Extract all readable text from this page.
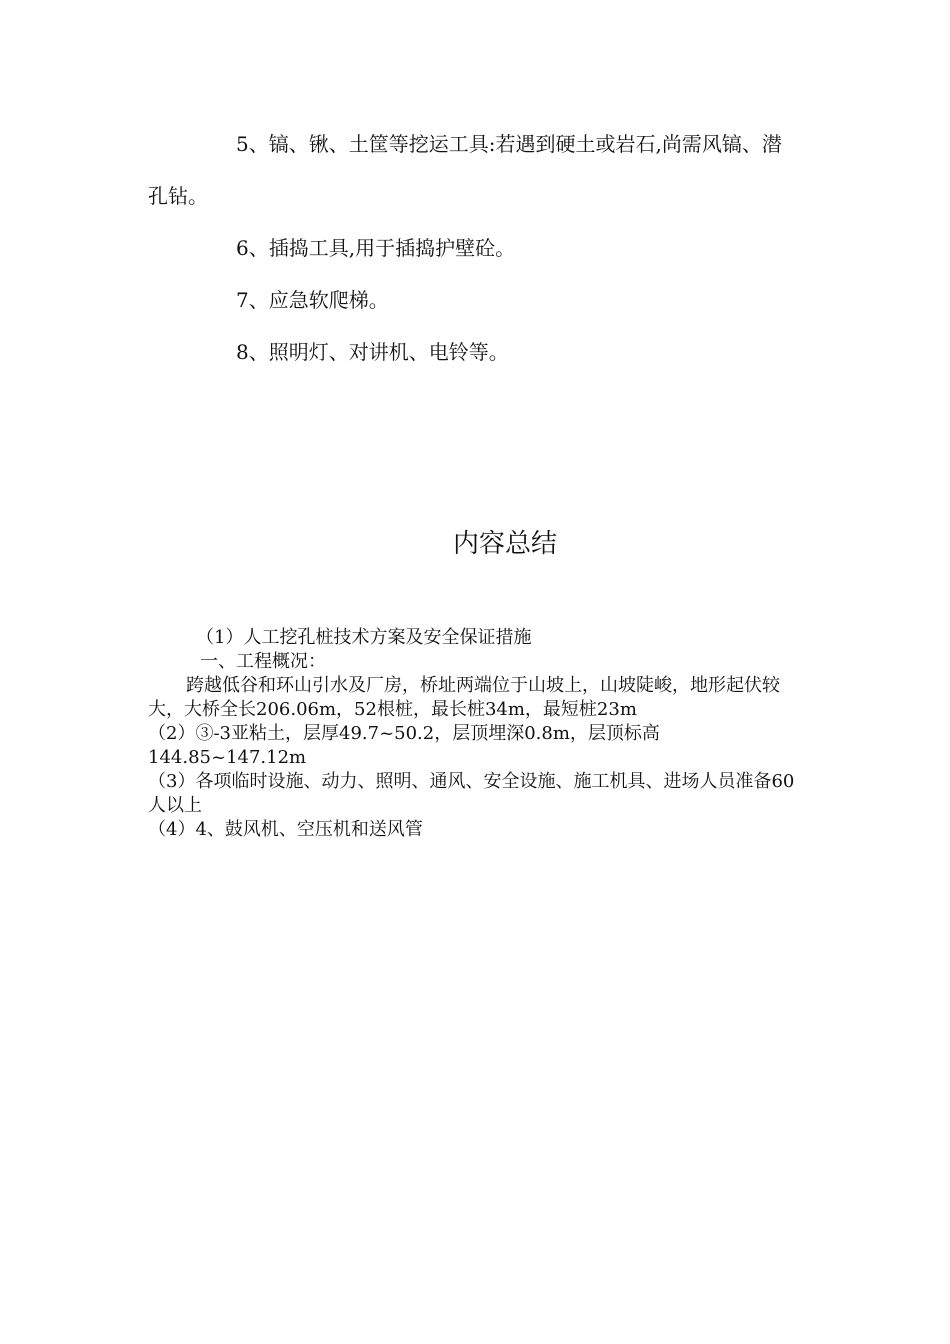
5、镐、锹、土筐等挖运工具:若遇到硬土或岩石,尚需风镐、潜孔钻。

6、插捣工具,用于插捣护壁砼。

7、应急软爬梯。

8、照明灯、对讲机、电铃等。

内容总结

（1）人工挖孔桩技术方案及安全保证措施

一、工程概况：

跨越低谷和环山引水及厂房，桥址两端位于山坡上，山坡陡峻，地形起伏较大，大桥全长206.06m，52根桩，最长桩34m，最短桩23m

（2）③-3亚粘土，层厚49.7~50.2，层顶埋深0.8m，层顶标高144.85~147.12m

（3）各项临时设施、动力、照明、通风、安全设施、施工机具、进场人员准备60人以上

（4）4、鼓风机、空压机和送风管
